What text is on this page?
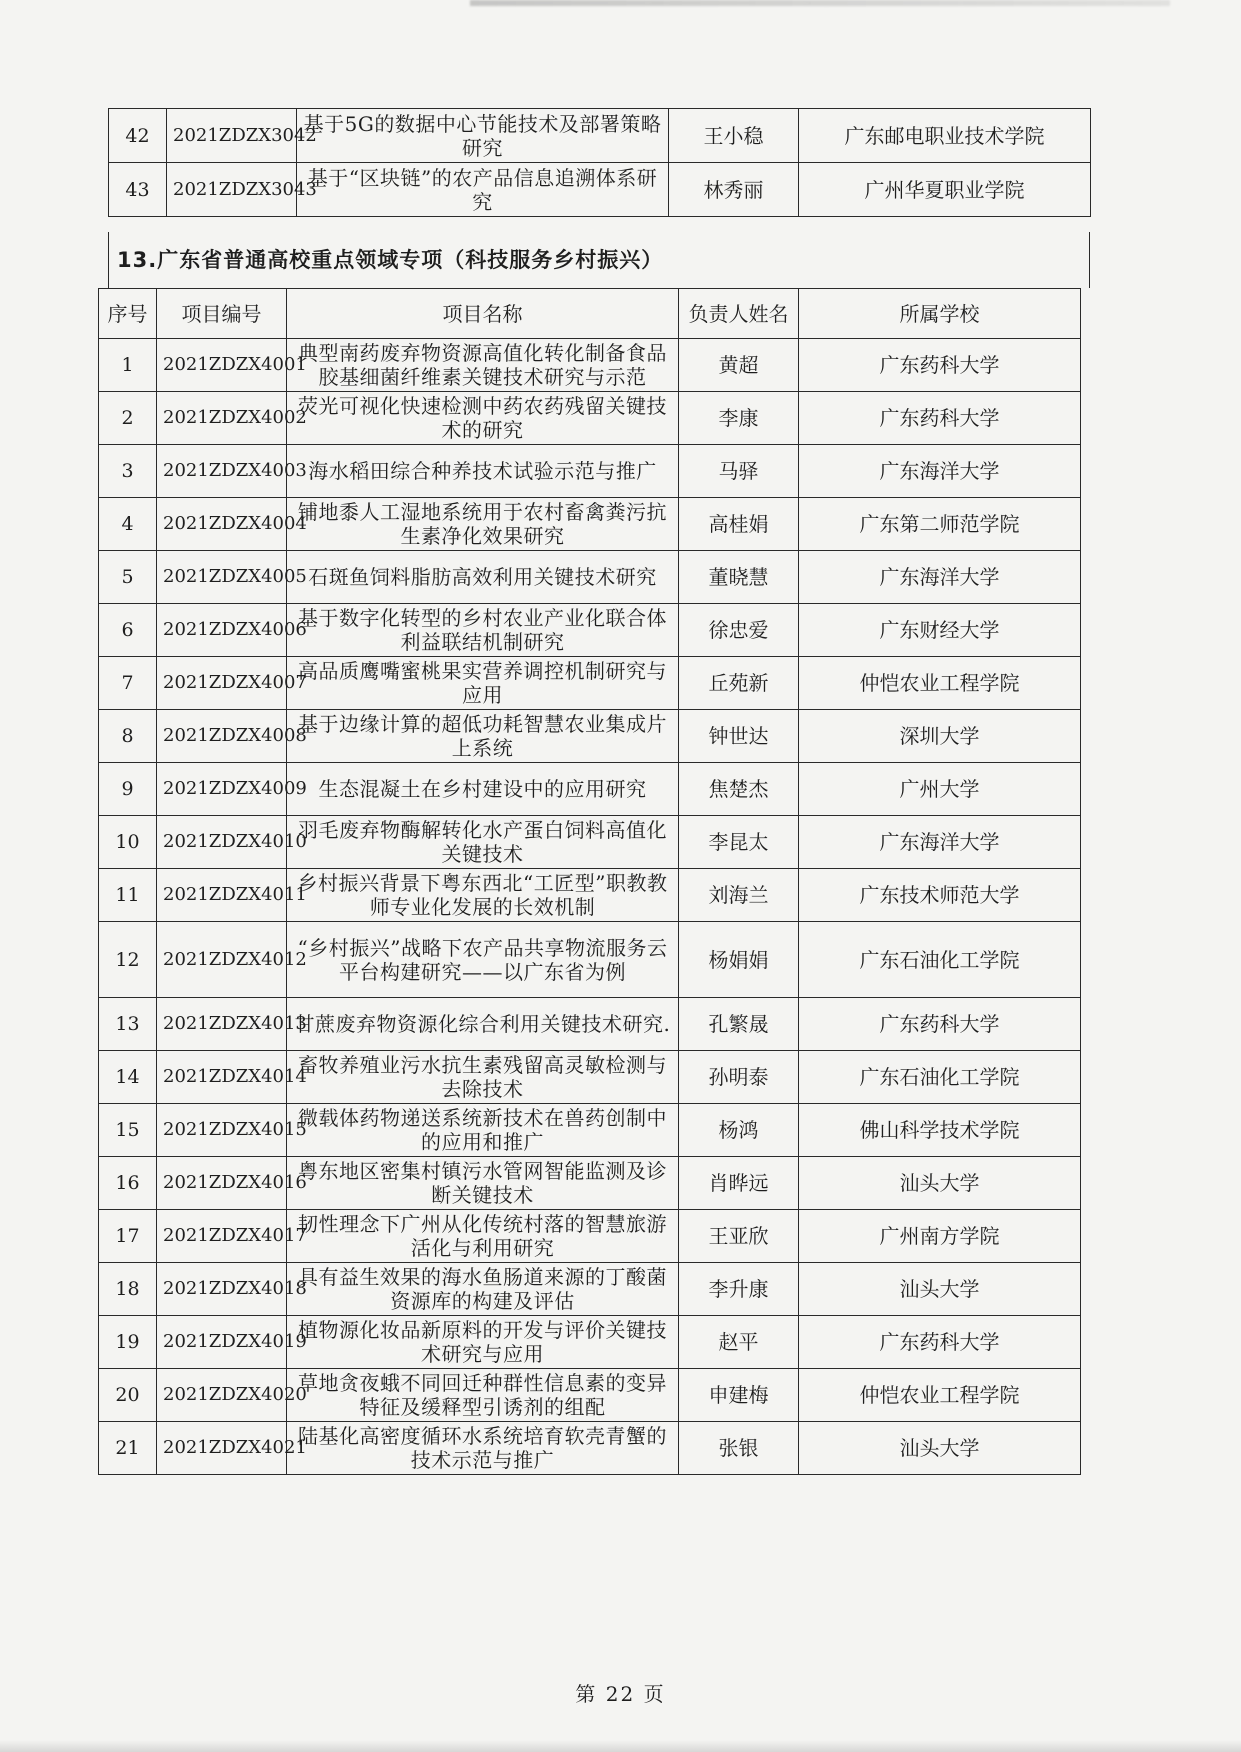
42	2021ZDZX3042	基于5G的数据中心节能技术及部署策略研究	王小稳	广东邮电职业技术学院
43	2021ZDZX3043	基于“区块链”的农产品信息追溯体系研究	林秀丽	广州华夏职业学院
13.广东省普通高校重点领域专项（科技服务乡村振兴）
序号	项目编号	项目名称	负责人姓名	所属学校
1	2021ZDZX4001	典型南药废弃物资源高值化转化制备食品胶基细菌纤维素关键技术研究与示范	黄超	广东药科大学
2	2021ZDZX4002	荧光可视化快速检测中药农药残留关键技术的研究	李康	广东药科大学
3	2021ZDZX4003	海水稻田综合种养技术试验示范与推广	马驿	广东海洋大学
4	2021ZDZX4004	铺地黍人工湿地系统用于农村畜禽粪污抗生素净化效果研究	高桂娟	广东第二师范学院
5	2021ZDZX4005	石斑鱼饲料脂肪高效利用关键技术研究	董晓慧	广东海洋大学
6	2021ZDZX4006	基于数字化转型的乡村农业产业化联合体利益联结机制研究	徐忠爱	广东财经大学
7	2021ZDZX4007	高品质鹰嘴蜜桃果实营养调控机制研究与应用	丘苑新	仲恺农业工程学院
8	2021ZDZX4008	基于边缘计算的超低功耗智慧农业集成片上系统	钟世达	深圳大学
9	2021ZDZX4009	生态混凝土在乡村建设中的应用研究	焦楚杰	广州大学
10	2021ZDZX4010	羽毛废弃物酶解转化水产蛋白饲料高值化关键技术	李昆太	广东海洋大学
11	2021ZDZX4011	乡村振兴背景下粤东西北“工匠型”职教教师专业化发展的长效机制	刘海兰	广东技术师范大学
12	2021ZDZX4012	“乡村振兴”战略下农产品共享物流服务云平台构建研究——以广东省为例	杨娟娟	广东石油化工学院
13	2021ZDZX4013	甘蔗废弃物资源化综合利用关键技术研究.	孔繁晟	广东药科大学
14	2021ZDZX4014	畜牧养殖业污水抗生素残留高灵敏检测与去除技术	孙明泰	广东石油化工学院
15	2021ZDZX4015	微载体药物递送系统新技术在兽药创制中的应用和推广	杨鸿	佛山科学技术学院
16	2021ZDZX4016	粤东地区密集村镇污水管网智能监测及诊断关键技术	肖晔远	汕头大学
17	2021ZDZX4017	韧性理念下广州从化传统村落的智慧旅游活化与利用研究	王亚欣	广州南方学院
18	2021ZDZX4018	具有益生效果的海水鱼肠道来源的丁酸菌资源库的构建及评估	李升康	汕头大学
19	2021ZDZX4019	植物源化妆品新原料的开发与评价关键技术研究与应用	赵平	广东药科大学
20	2021ZDZX4020	草地贪夜蛾不同回迁种群性信息素的变异特征及缓释型引诱剂的组配	申建梅	仲恺农业工程学院
21	2021ZDZX4021	陆基化高密度循环水系统培育软壳青蟹的技术示范与推广	张银	汕头大学
第 22 页
